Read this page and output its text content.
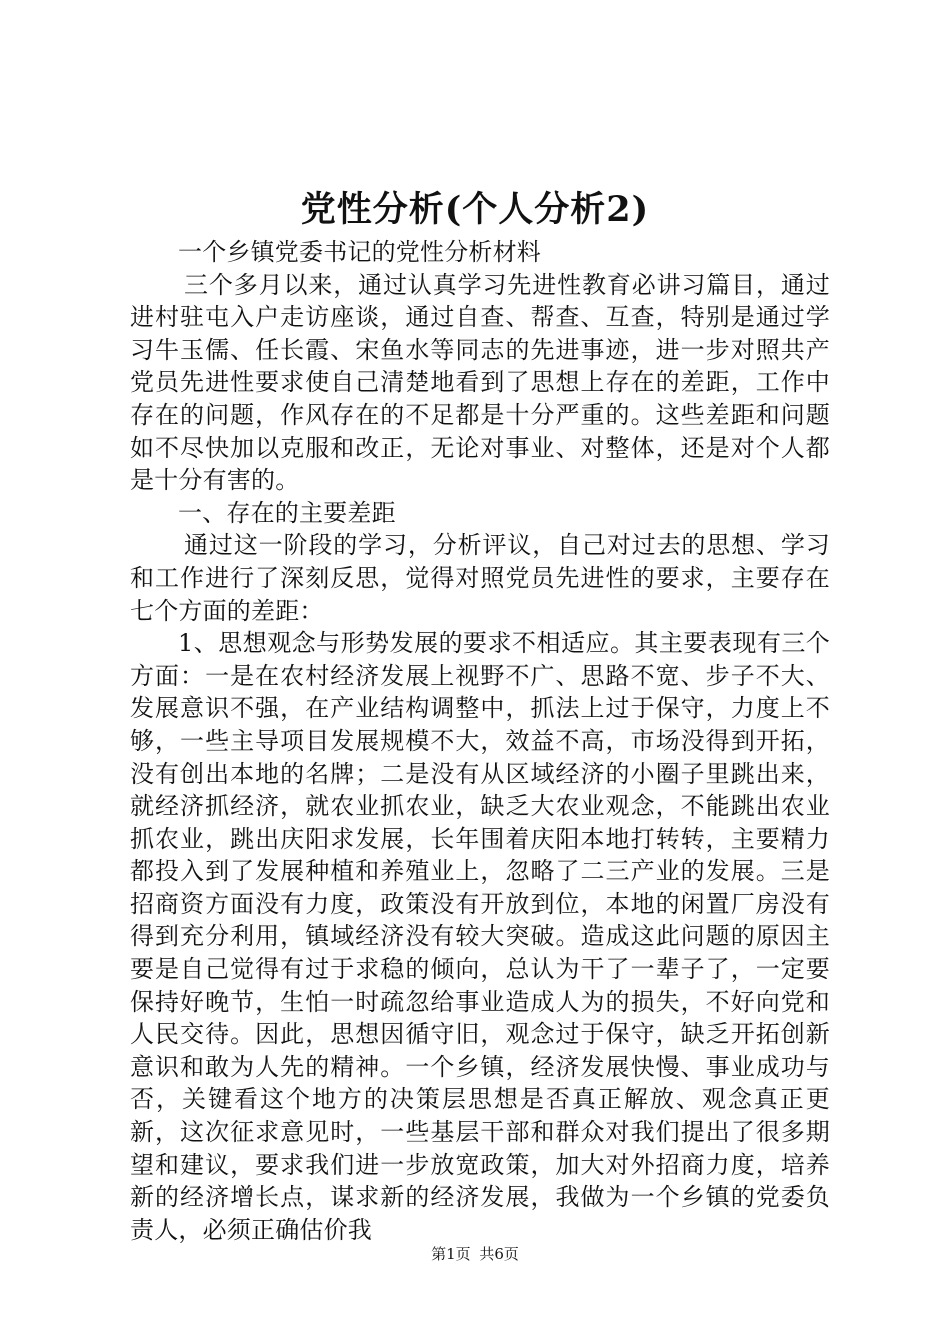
党性分析(个人分析2)

一个乡镇党委书记的党性分析材料

三个多月以来，通过认真学习先进性教育必讲习篇目，通过进村驻屯入户走访座谈，通过自查、帮查、互查，特别是通过学习牛玉儒、任长霞、宋鱼水等同志的先进事迹，进一步对照共产党员先进性要求使自己清楚地看到了思想上存在的差距，工作中存在的问题，作风存在的不足都是十分严重的。这些差距和问题如不尽快加以克服和改正，无论对事业、对整体，还是对个人都是十分有害的。

一、存在的主要差距

通过这一阶段的学习，分析评议，自己对过去的思想、学习和工作进行了深刻反思，觉得对照党员先进性的要求，主要存在七个方面的差距：

1、思想观念与形势发展的要求不相适应。其主要表现有三个方面：一是在农村经济发展上视野不广、思路不宽、步子不大、发展意识不强，在产业结构调整中，抓法上过于保守，力度上不够，一些主导项目发展规模不大，效益不高，市场没得到开拓，没有创出本地的名牌；二是没有从区域经济的小圈子里跳出来，就经济抓经济，就农业抓农业，缺乏大农业观念，不能跳出农业抓农业，跳出庆阳求发展，长年围着庆阳本地打转转，主要精力都投入到了发展种植和养殖业上，忽略了二三产业的发展。三是招商资方面没有力度，政策没有开放到位，本地的闲置厂房没有得到充分利用，镇域经济没有较大突破。造成这此问题的原因主要是自己觉得有过于求稳的倾向，总认为干了一辈子了，一定要保持好晚节，生怕一时疏忽给事业造成人为的损失，不好向党和人民交待。因此，思想因循守旧，观念过于保守，缺乏开拓创新意识和敢为人先的精神。一个乡镇，经济发展快慢、事业成功与否，关键看这个地方的决策层思想是否真正解放、观念真正更新，这次征求意见时，一些基层干部和群众对我们提出了很多期望和建议，要求我们进一步放宽政策，加大对外招商力度，培养新的经济增长点，谋求新的经济发展，我做为一个乡镇的党委负责人，必须正确估价我

第1页 共6页
